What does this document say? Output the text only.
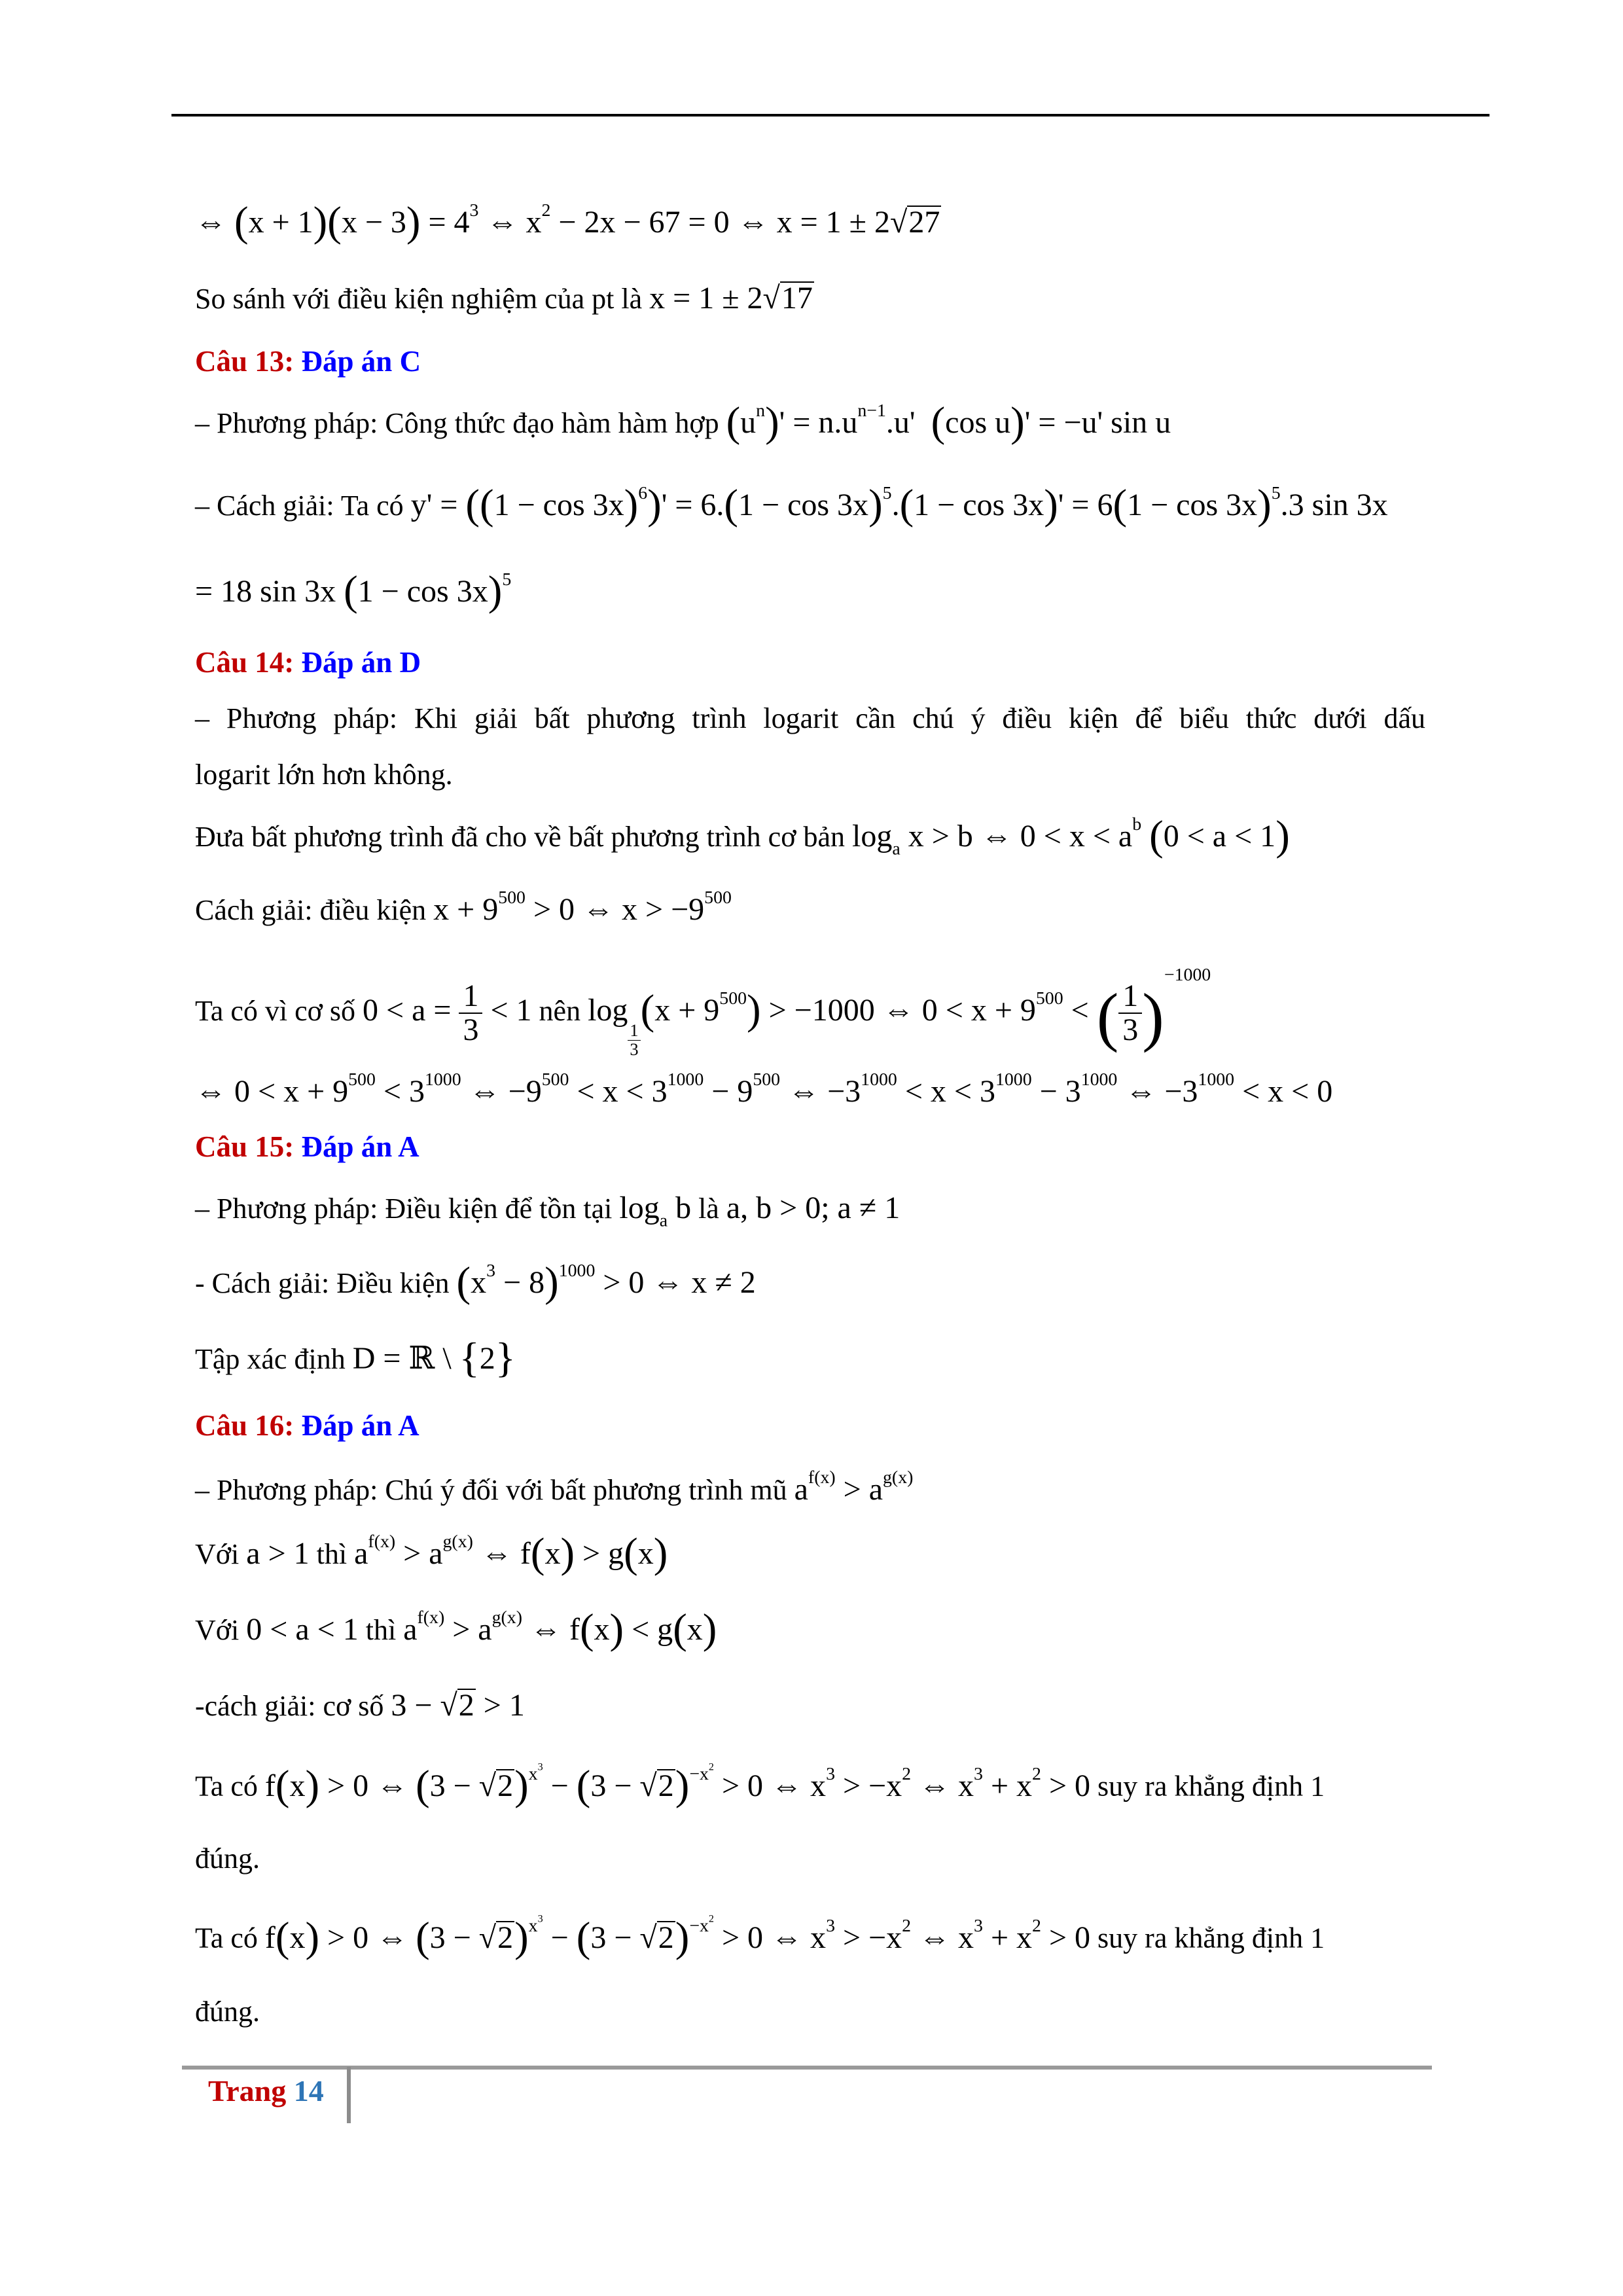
⇔ $(x + 1)(x - 3) = 4^3$ ⇔ $x^2 - 2x - 67 = 0$ ⇔ x = 1 ± 2√27
So sánh với điều kiện nghiệm của pt là x = 1 ± 2√17
Câu 13: Đáp án C
– Phương pháp: Công thức đạo hàm hàm hợp $(u^n)' = n.u^{n-1}.u'$  (cos u)' = −u' sin u
– Cách giải: Ta có $y' = ((1 - \cos 3x)^6)' = 6.(1 - \cos 3x)^5.(1 - \cos 3x)' = 6(1 - \cos 3x)^5.3$ sin 3x
= 18 sin 3x $(1 - \cos 3x)^5$
Câu 14: Đáp án D
– Phương pháp: Khi giải bất phương trình logarit cần chú ý điều kiện để biểu thức dưới dấu
logarit lớn hơn không.
Đưa bất phương trình đã cho về bất phương trình cơ bản $\log_a x > b$ ⇔ $0 < x < a^b$ (0 < a < 1)
Cách giải: điều kiện $x + 9^{500} > 0$ ⇔ $x > -9^{500}$
Ta có vì cơ số $0 < a = \frac{1}{3} < 1$ nên log
$\frac{1}{3}$
$(x + 9^{500}) > -1000$ ⇔ $0 < x + 9^{500}$ < ( $\frac{1}{3} )^{-1000}$
⇔ $0 < x + 9^{500} < 3^{1000}$ ⇔ $-9^{500} < x < 3^{1000} - 9^{500}$ ⇔ $-3^{1000} < x < 3^{1000} - 3^{1000}$ ⇔ $-3^{1000} < x < 0$
Câu 15: Đáp án A
– Phương pháp: Điều kiện để tồn tại $\log_a b$ là a, b > 0; a ≠ 1
- Cách giải: Điều kiện $(x^3 - 8)^{1000} > 0$ ⇔ x ≠ 2
Tập xác định D = ℝ \ {2}
Câu 16: Đáp án A
– Phương pháp: Chú ý đối với bất phương trình mũ $a^{f(x)} > a^{g(x)}$
Với a > 1 thì $a^{f(x)} > a^{g(x)}$ ⇔ f(x) > g(x)
Với 0 < a < 1 thì $a^{f(x)} > a^{g(x)}$ ⇔ f(x) < g(x)
-cách giải: cơ số 3 − √2 > 1
Ta có f(x) > 0 ⇔ $(3 - √2)^{x^3} - (3 - √2)^{-x^2} > 0$ ⇔ $x^3 > -x^2$ ⇔ $x^3 + x^2 > 0$ suy ra khẳng định 1
đúng.
Ta có f(x) > 0 ⇔ $(3 - √2)^{x^3} - (3 - √2)^{-x^2} > 0$ ⇔ $x^3 > -x^2$ ⇔ $x^3 + x^2 > 0$ suy ra khẳng định 1
đúng.
Trang 14
